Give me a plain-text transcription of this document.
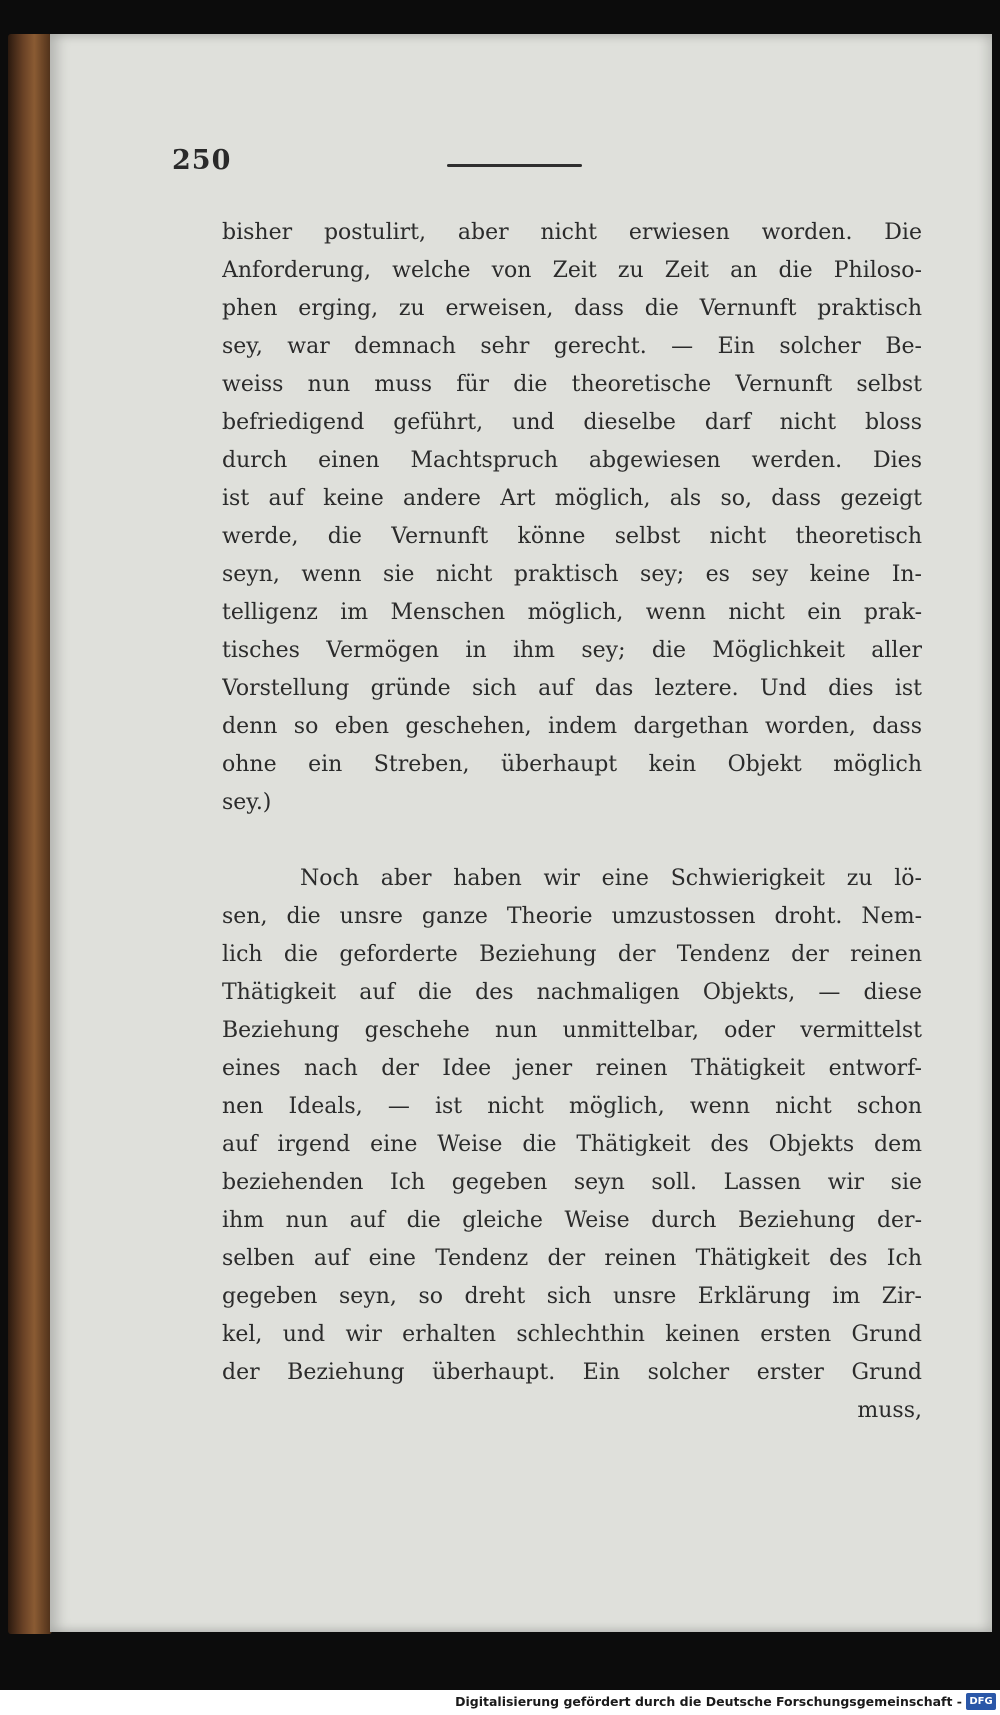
250
bisher postulirt, aber nicht erwiesen worden. Die
Anforderung, welche von Zeit zu Zeit an die Philoso-
phen erging, zu erweisen, dass die Vernunft praktisch
sey, war demnach sehr gerecht. — Ein solcher Be-
weiss nun muss für die theoretische Vernunft selbst
befriedigend geführt, und dieselbe darf nicht bloss
durch einen Machtspruch abgewiesen werden. Dies
ist auf keine andere Art möglich, als so, dass gezeigt
werde, die Vernunft könne selbst nicht theoretisch
seyn, wenn sie nicht praktisch sey; es sey keine In-
telligenz im Menschen möglich, wenn nicht ein prak-
tisches Vermögen in ihm sey; die Möglichkeit aller
Vorstellung gründe sich auf das leztere. Und dies ist
denn so eben geschehen, indem dargethan worden, dass
ohne ein Streben, überhaupt kein Objekt möglich
sey.)
Noch aber haben wir eine Schwierigkeit zu lö-
sen, die unsre ganze Theorie umzustossen droht. Nem-
lich die geforderte Beziehung der Tendenz der reinen
Thätigkeit auf die des nachmaligen Objekts, — diese
Beziehung geschehe nun unmittelbar, oder vermittelst
eines nach der Idee jener reinen Thätigkeit entworf-
nen Ideals, — ist nicht möglich, wenn nicht schon
auf irgend eine Weise die Thätigkeit des Objekts dem
beziehenden Ich gegeben seyn soll. Lassen wir sie
ihm nun auf die gleiche Weise durch Beziehung der-
selben auf eine Tendenz der reinen Thätigkeit des Ich
gegeben seyn, so dreht sich unsre Erklärung im Zir-
kel, und wir erhalten schlechthin keinen ersten Grund
der Beziehung überhaupt. Ein solcher erster Grund
muss,
Digitalisierung gefördert durch die Deutsche Forschungsgemeinschaft - DFG
